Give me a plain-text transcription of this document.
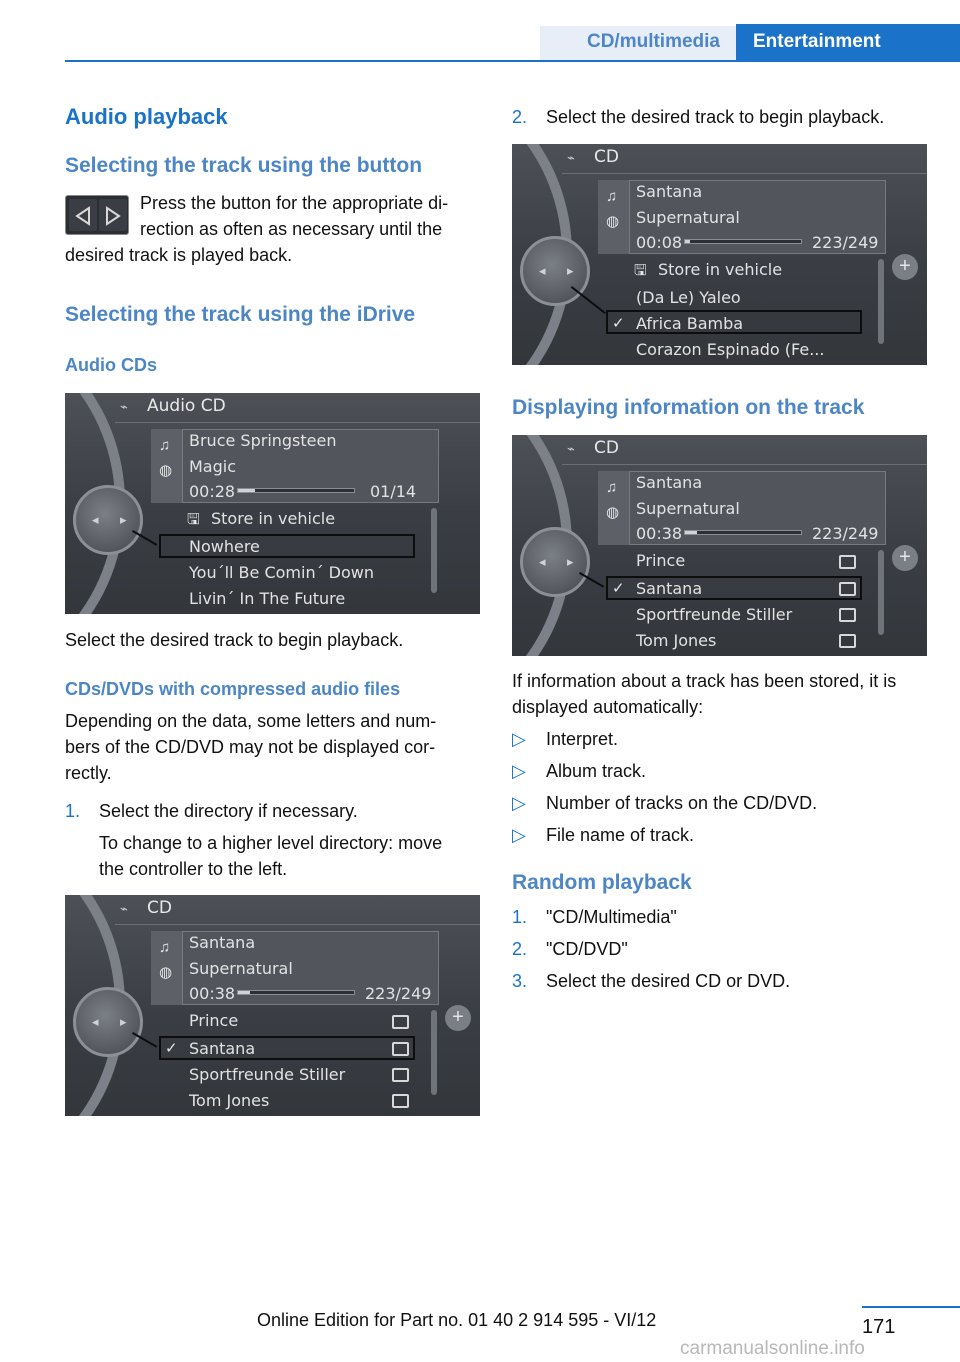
CD/multimedia	Entertainment
Audio playback
Selecting the track using the button
Press the button for the appropriate di‐
rection as often as necessary until the
desired track is played back.
Selecting the track using the iDrive
Audio CDs
⌁ Audio CD
♫
◍
Bruce Springsteen
Magic
00:28	01/14
🖫 Store in vehicle
Nowhere
You´ll Be Comin´ Down
Livin´ In The Future
◂ ▸
Select the desired track to begin playback.
CDs/DVDs with compressed audio files
Depending on the data, some letters and num‐
bers of the CD/DVD may not be displayed cor‐
rectly.
1. Select the directory if necessary.
To change to a higher level directory: move
the controller to the left.
⌁ CD
♫
◍
Santana
Supernatural
00:38	223/249
Prince
Santana
Sportfreunde Stiller
Tom Jones
✓
◂ ▸	+
2. Select the desired track to begin playback.
⌁ CD
♫
◍
Santana
Supernatural
00:08	223/249
🖫 Store in vehicle
(Da Le) Yaleo
Africa Bamba
Corazon Espinado (Fe...
✓
◂ ▸	+
Displaying information on the track
⌁ CD
♫
◍
Santana
Supernatural
00:38	223/249
Prince
Santana
Sportfreunde Stiller
Tom Jones
✓
◂ ▸	+
If information about a track has been stored, it is
displayed automatically:
▷ Interpret.
▷ Album track.
▷ Number of tracks on the CD/DVD.
▷ File name of track.
Random playback
1. "CD/Multimedia"
2. "CD/DVD"
3. Select the desired CD or DVD.
171
Online Edition for Part no. 01 40 2 914 595 - VI/12
carmanualsonline.info
